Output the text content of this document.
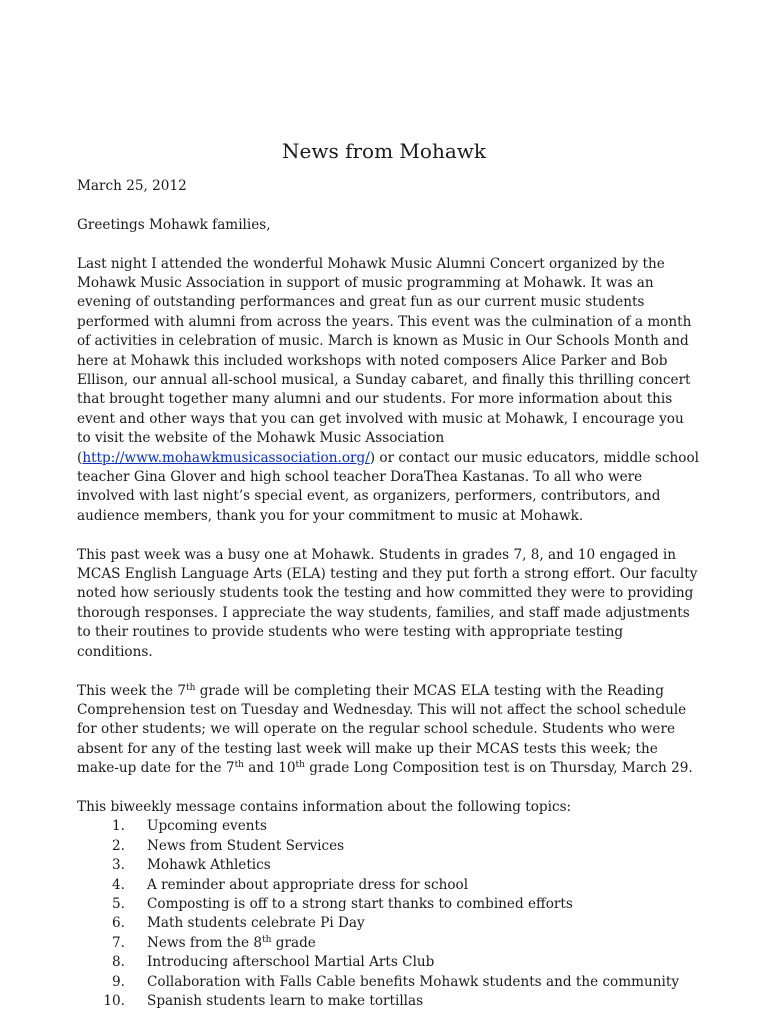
News from Mohawk

March 25, 2012

Greetings Mohawk families,

Last night I attended the wonderful Mohawk Music Alumni Concert organized by the Mohawk Music Association in support of music programming at Mohawk. It was an evening of outstanding performances and great fun as our current music students performed with alumni from across the years. This event was the culmination of a month of activities in celebration of music. March is known as Music in Our Schools Month and here at Mohawk this included workshops with noted composers Alice Parker and Bob Ellison, our annual all-school musical, a Sunday cabaret, and finally this thrilling concert that brought together many alumni and our students. For more information about this event and other ways that you can get involved with music at Mohawk, I encourage you to visit the website of the Mohawk Music Association (http://www.mohawkmusicassociation.org/) or contact our music educators, middle school teacher Gina Glover and high school teacher DoraThea Kastanas. To all who were involved with last night’s special event, as organizers, performers, contributors, and audience members, thank you for your commitment to music at Mohawk.

This past week was a busy one at Mohawk. Students in grades 7, 8, and 10 engaged in MCAS English Language Arts (ELA) testing and they put forth a strong effort. Our faculty noted how seriously students took the testing and how committed they were to providing thorough responses. I appreciate the way students, families, and staff made adjustments to their routines to provide students who were testing with appropriate testing conditions.

This week the 7th grade will be completing their MCAS ELA testing with the Reading Comprehension test on Tuesday and Wednesday. This will not affect the school schedule for other students; we will operate on the regular school schedule. Students who were absent for any of the testing last week will make up their MCAS tests this week; the make-up date for the 7th and 10th grade Long Composition test is on Thursday, March 29.

This biweekly message contains information about the following topics:

1. Upcoming events
2. News from Student Services
3. Mohawk Athletics
4. A reminder about appropriate dress for school
5. Composting is off to a strong start thanks to combined efforts
6. Math students celebrate Pi Day
7. News from the 8th grade
8. Introducing afterschool Martial Arts Club
9. Collaboration with Falls Cable benefits Mohawk students and the community
10. Spanish students learn to make tortillas
